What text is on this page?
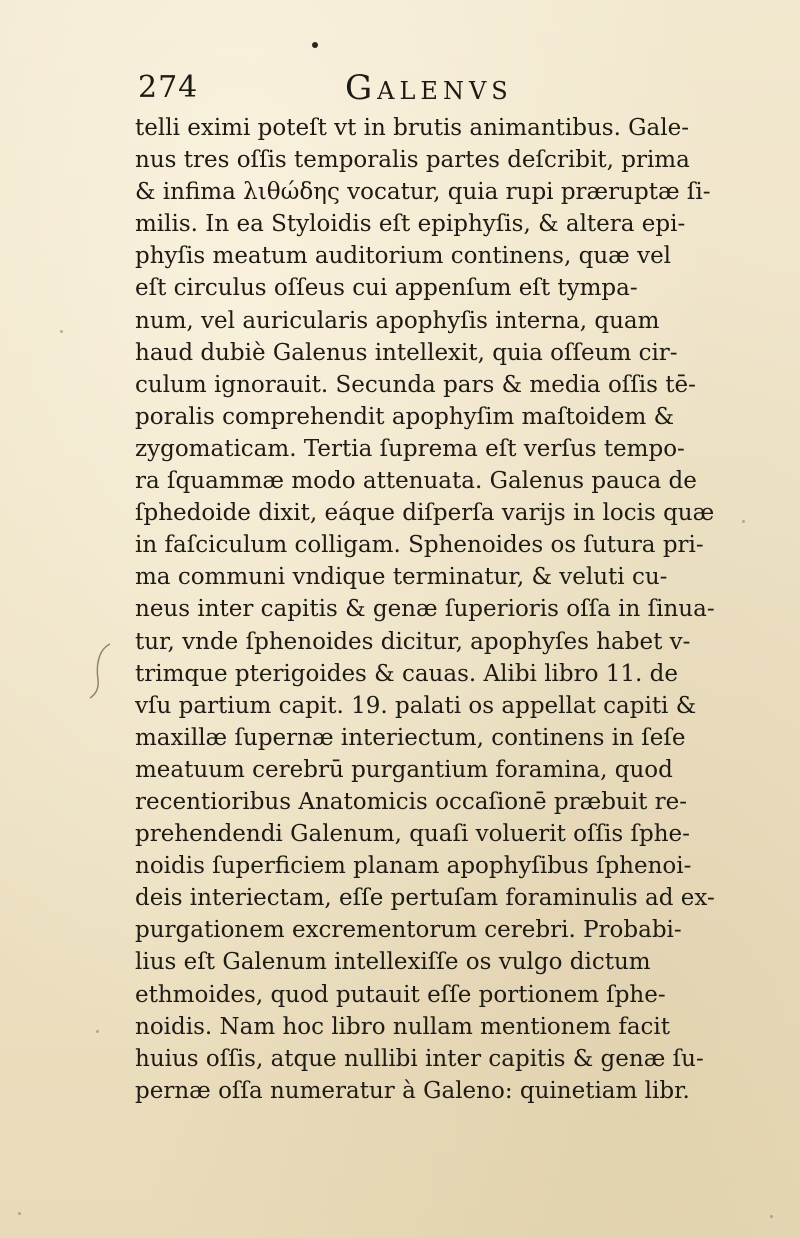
274	Galenvs
telli eximi poteſt vt in brutis animantibus. Gale-
nus tres oſſis temporalis partes deſcribit, prima
& infima λιθώδης vocatur, quia rupi præruptæ ſi-
milis. In ea Styloidis eſt epiphyſis, & altera epi-
phyſis meatum auditorium continens, quæ vel
eſt circulus oſſeus cui appenſum eſt tympa-
num, vel auricularis apophyſis interna, quam
haud dubiè Galenus intellexit, quia oſſeum cir-
culum ignorauit. Secunda pars & media oſſis tē-
poralis comprehendit apophyſim maſtoidem &
zygomaticam. Tertia ſuprema eſt verſus tempo-
ra ſquammæ modo attenuata. Galenus pauca de
ſphedoide dixit, eáque diſperſa varijs in locis quæ
in faſciculum colligam. Sphenoides os ſutura pri-
ma communi vndique terminatur, & veluti cu-
neus inter capitis & genæ ſuperioris oſſa in ſinua-
tur, vnde ſphenoides dicitur, apophyſes habet v-
trimque pterigoides & cauas. Alibi libro 11. de
vſu partium capit. 19. palati os appellat capiti &
maxillæ ſupernæ interiectum, continens in ſeſe
meatuum cerebrū purgantium foramina, quod
recentioribus Anatomicis occaſionē præbuit re-
prehendendi Galenum, quaſi voluerit oſſis ſphe-
noidis ſuperficiem planam apophyſibus ſphenoi-
deis interiectam, eſſe pertuſam foraminulis ad ex-
purgationem excrementorum cerebri. Probabi-
lius eſt Galenum intellexiſſe os vulgo dictum
ethmoides, quod putauit eſſe portionem ſphe-
noidis. Nam hoc libro nullam mentionem facit
huius oſſis, atque nullibi inter capitis & genæ ſu-
pernæ oſſa numeratur à Galeno: quinetiam libr.
